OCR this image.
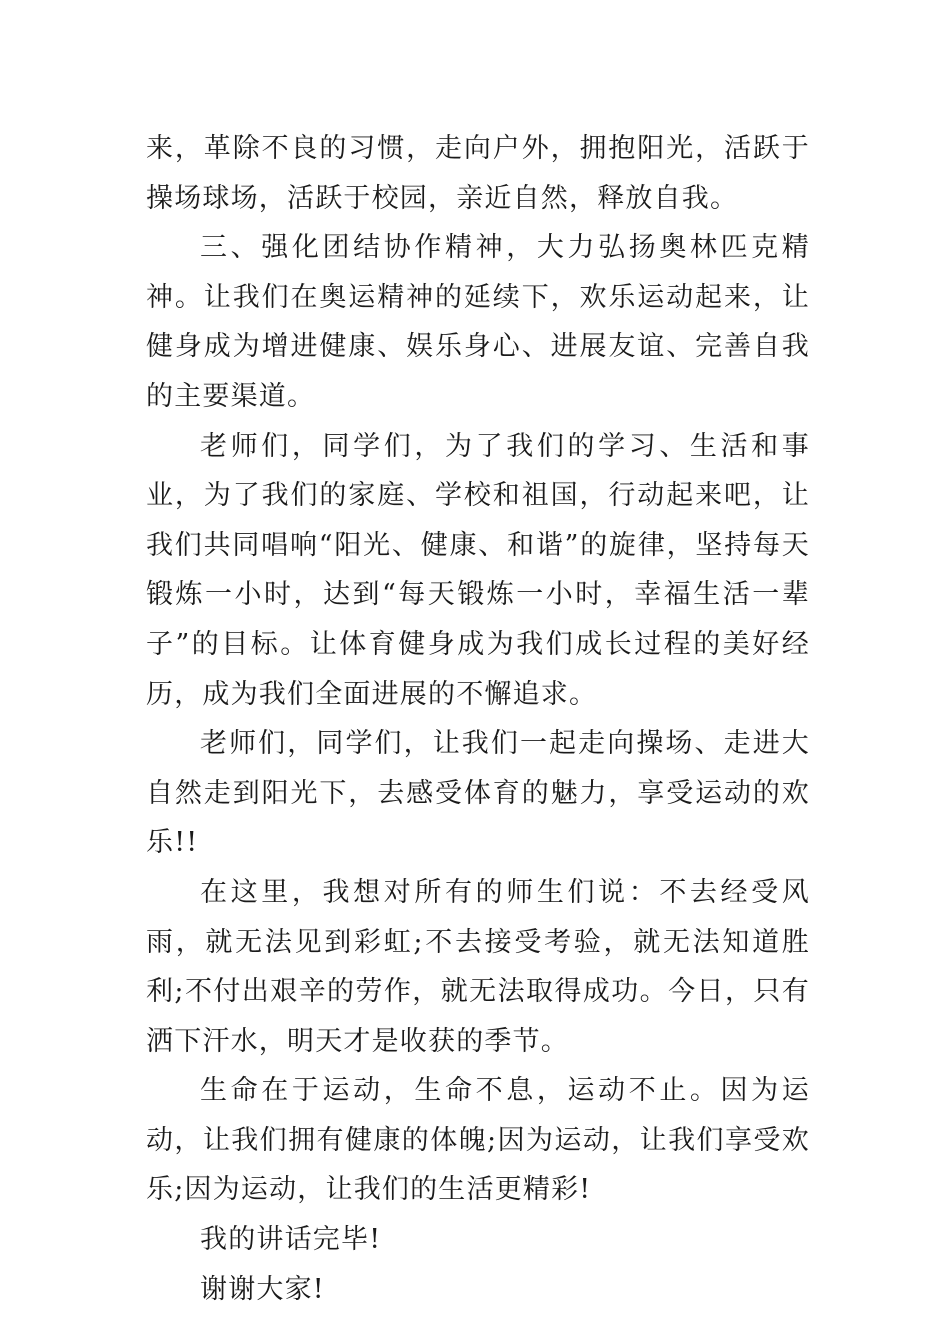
来，革除不良的习惯，走向户外，拥抱阳光，活跃于操场球场，活跃于校园，亲近自然，释放自我。

三、强化团结协作精神，大力弘扬奥林匹克精神。让我们在奥运精神的延续下，欢乐运动起来，让健身成为增进健康、娱乐身心、进展友谊、完善自我的主要渠道。

老师们，同学们，为了我们的学习、生活和事业，为了我们的家庭、学校和祖国，行动起来吧，让我们共同唱响“阳光、健康、和谐”的旋律，坚持每天锻炼一小时，达到“每天锻炼一小时，幸福生活一辈子”的目标。让体育健身成为我们成长过程的美好经历，成为我们全面进展的不懈追求。

老师们，同学们，让我们一起走向操场、走进大自然走到阳光下，去感受体育的魅力，享受运动的欢乐!!

在这里，我想对所有的师生们说：不去经受风雨，就无法见到彩虹;不去接受考验，就无法知道胜利;不付出艰辛的劳作，就无法取得成功。今日，只有洒下汗水，明天才是收获的季节。

生命在于运动，生命不息，运动不止。因为运动，让我们拥有健康的体魄;因为运动，让我们享受欢乐;因为运动，让我们的生活更精彩!

我的讲话完毕!

谢谢大家!
